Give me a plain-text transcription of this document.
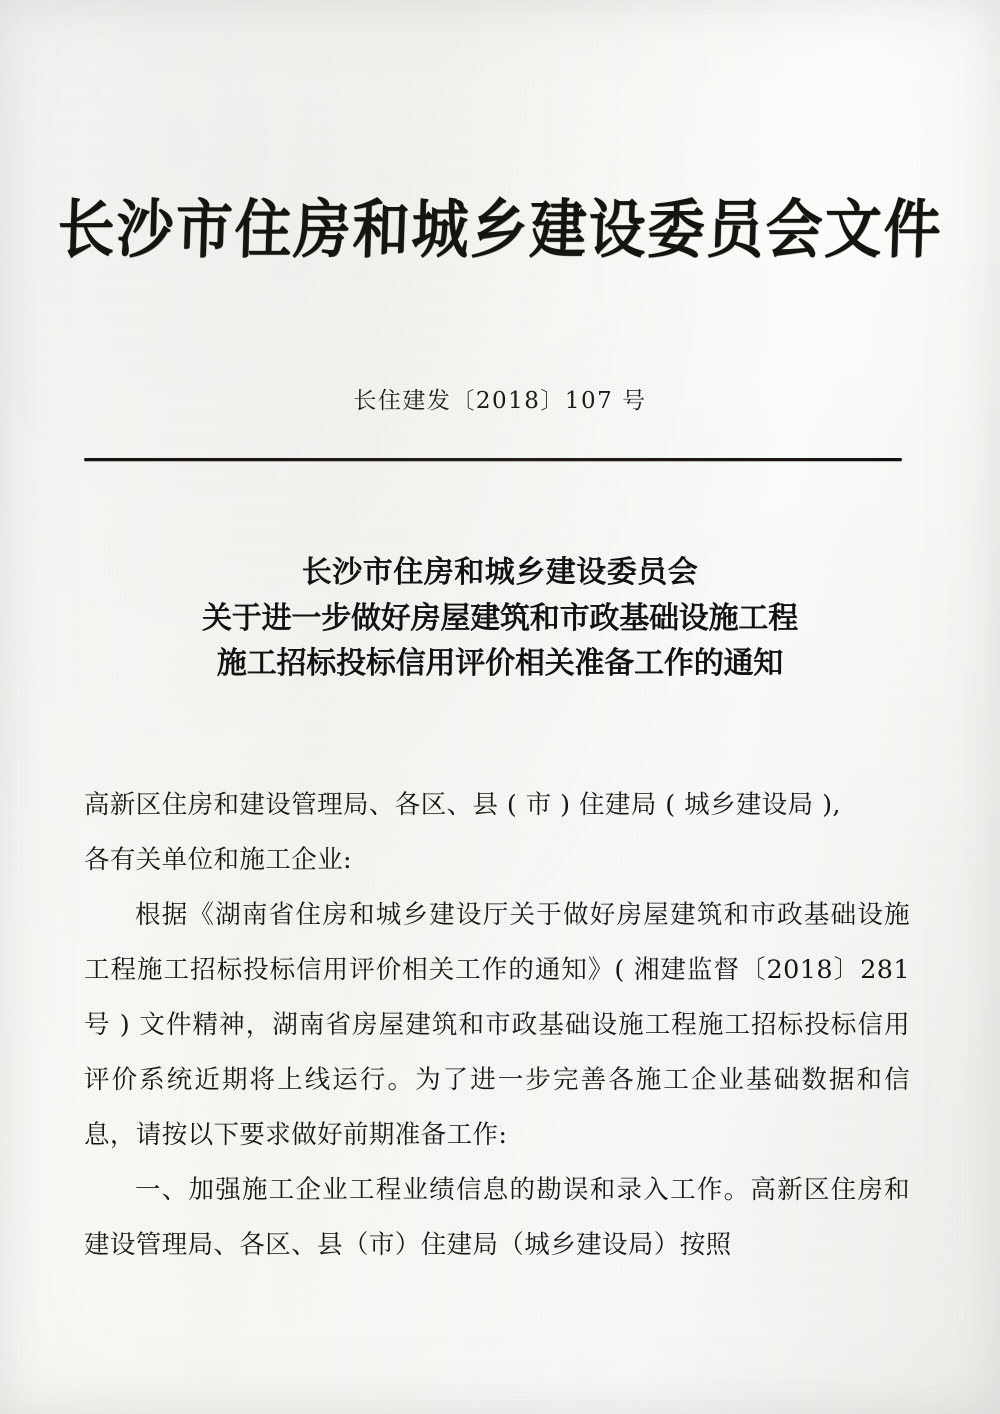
长沙市住房和城乡建设委员会文件
长住建发〔2018〕107 号
长沙市住房和城乡建设委员会
关于进一步做好房屋建筑和市政基础设施工程
施工招标投标信用评价相关准备工作的通知

高新区住房和建设管理局、各区、县 ( 市 ) 住建局 ( 城乡建设局 ),

各有关单位和施工企业:

根据《湖南省住房和城乡建设厅关于做好房屋建筑和市政基础设施工程施工招标投标信用评价相关工作的通知》( 湘建监督〔2018〕281 号 ) 文件精神，湖南省房屋建筑和市政基础设施工程施工招标投标信用评价系统近期将上线运行。为了进一步完善各施工企业基础数据和信息，请按以下要求做好前期准备工作:

一、加强施工企业工程业绩信息的勘误和录入工作。高新区住房和建设管理局、各区、县（市）住建局（城乡建设局）按照
